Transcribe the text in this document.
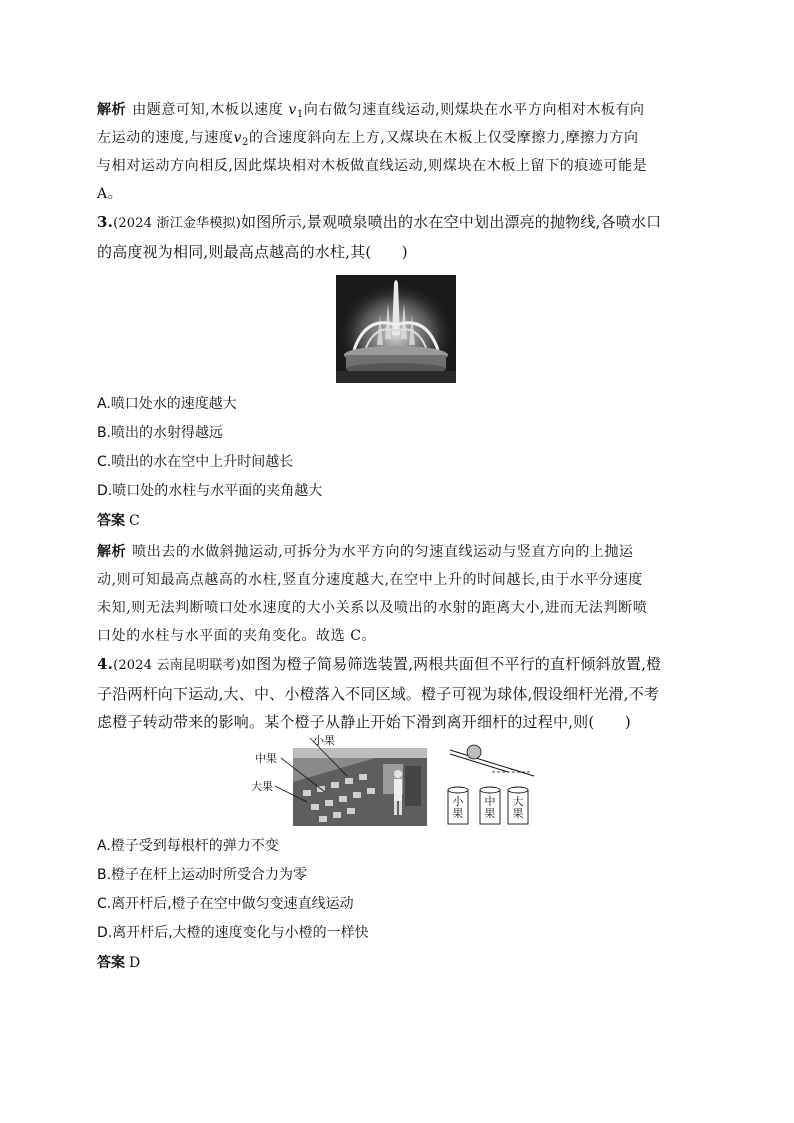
解析 由题意可知,木板以速度 $v_1$向右做匀速直线运动,则煤块在水平方向相对木板有向
左运动的速度,与速度$v_2$的合速度斜向左上方,又煤块在木板上仅受摩擦力,摩擦力方向
与相对运动方向相反,因此煤块相对木板做直线运动,则煤块在木板上留下的痕迹可能是
A。
3.(2024 浙江金华模拟)如图所示,景观喷泉喷出的水在空中划出漂亮的抛物线,各喷水口
的高度视为相同,则最高点越高的水柱,其(　　)
A.喷口处水的速度越大
B.喷出的水射得越远
C.喷出的水在空中上升时间越长
D.喷口处的水柱与水平面的夹角越大
答案 C
解析 喷出去的水做斜抛运动,可拆分为水平方向的匀速直线运动与竖直方向的上抛运
动,则可知最高点越高的水柱,竖直分速度越大,在空中上升的时间越长,由于水平分速度
未知,则无法判断喷口处水速度的大小关系以及喷出的水射的距离大小,进而无法判断喷
口处的水柱与水平面的夹角变化。故选 C。
4.(2024 云南昆明联考)如图为橙子简易筛选装置,两根共面但不平行的直杆倾斜放置,橙
子沿两杆向下运动,大、中、小橙落入不同区域。橙子可视为球体,假设细杆光滑,不考
虑橙子转动带来的影响。某个橙子从静止开始下滑到离开细杆的过程中,则(　　)
小果
中果
大果
小
果
中
果
大
果
A.橙子受到每根杆的弹力不变
B.橙子在杆上运动时所受合力为零
C.离开杆后,橙子在空中做匀变速直线运动
D.离开杆后,大橙的速度变化与小橙的一样快
答案 D
